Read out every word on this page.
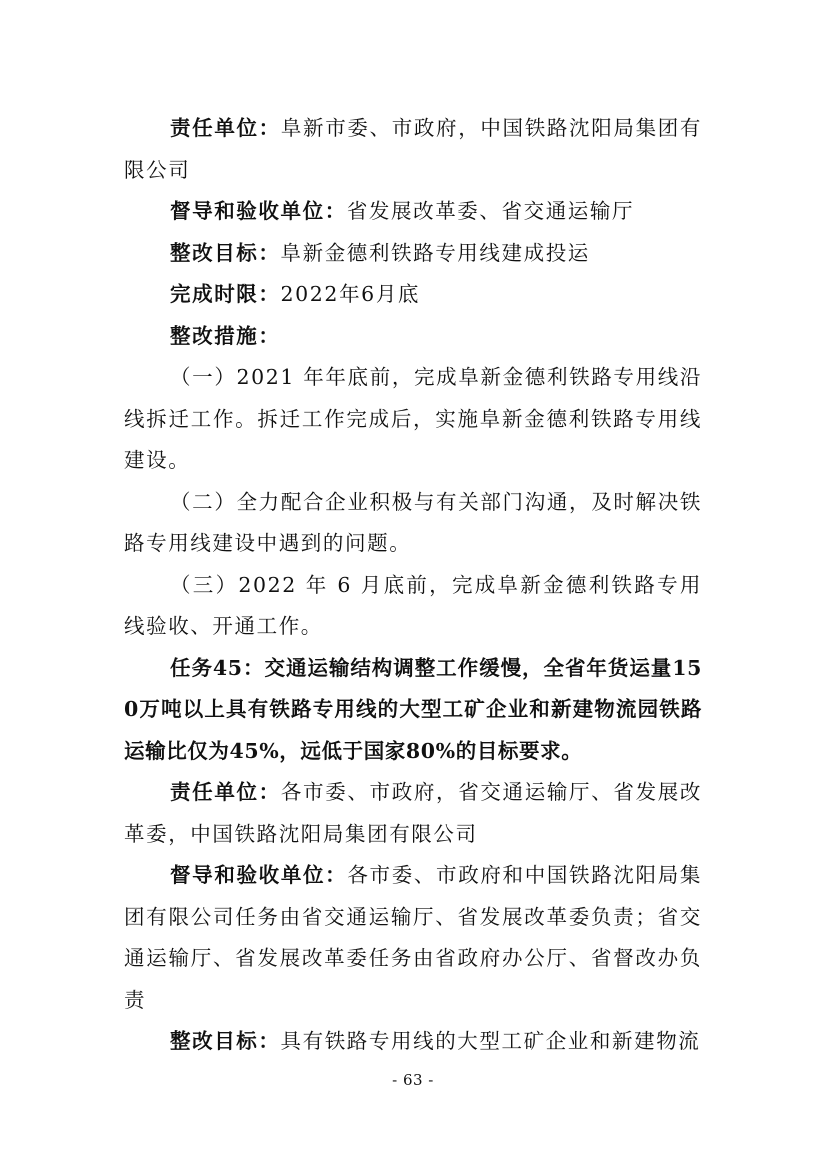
责任单位：阜新市委、市政府，中国铁路沈阳局集团有限公司

督导和验收单位：省发展改革委、省交通运输厅

整改目标：阜新金德利铁路专用线建成投运

完成时限：2022年6月底

整改措施：

（一）2021 年年底前，完成阜新金德利铁路专用线沿线拆迁工作。拆迁工作完成后，实施阜新金德利铁路专用线建设。

（二）全力配合企业积极与有关部门沟通，及时解决铁路专用线建设中遇到的问题。

（三）2022 年 6 月底前，完成阜新金德利铁路专用线验收、开通工作。

任务45：交通运输结构调整工作缓慢，全省年货运量150万吨以上具有铁路专用线的大型工矿企业和新建物流园铁路运输比仅为45%，远低于国家80%的目标要求。

责任单位：各市委、市政府，省交通运输厅、省发展改革委，中国铁路沈阳局集团有限公司

督导和验收单位：各市委、市政府和中国铁路沈阳局集团有限公司任务由省交通运输厅、省发展改革委负责；省交通运输厅、省发展改革委任务由省政府办公厅、省督改办负责

整改目标：具有铁路专用线的大型工矿企业和新建物流

- 63 -
